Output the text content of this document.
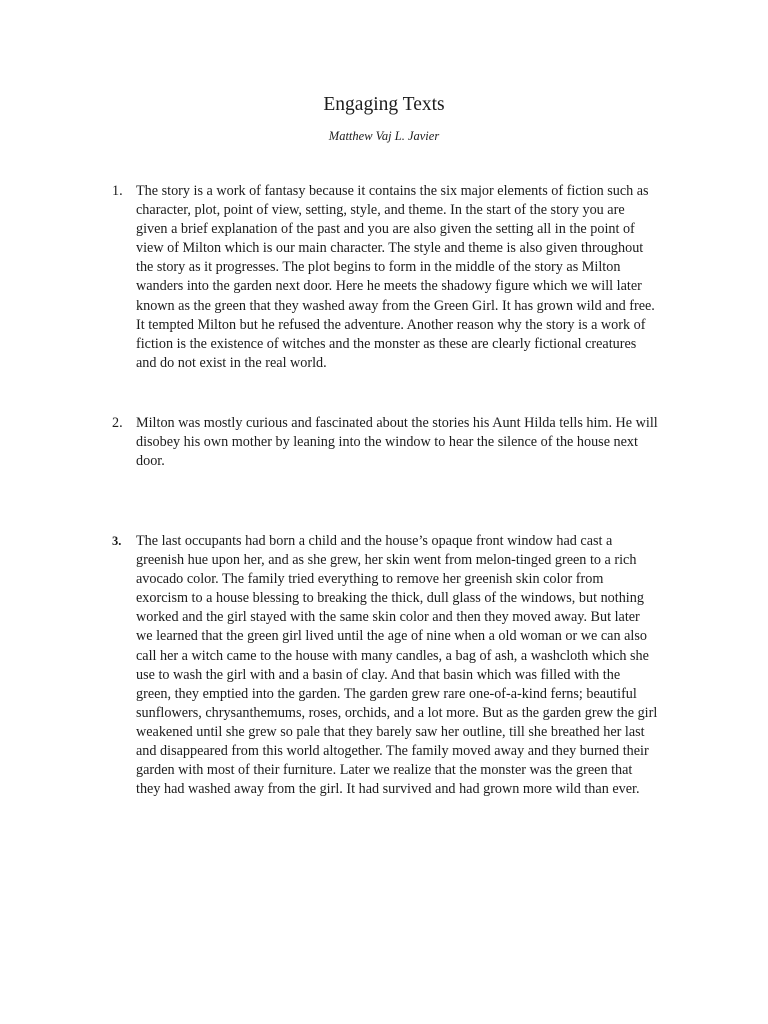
Engaging Texts
Matthew Vaj L. Javier
1. The story is a work of fantasy because it contains the six major elements of fiction such as character, plot, point of view, setting, style, and theme. In the start of the story you are given a brief explanation of the past and you are also given the setting all in the point of view of Milton which is our main character. The style and theme is also given throughout the story as it progresses. The plot begins to form in the middle of the story as Milton wanders into the garden next door. Here he meets the shadowy figure which we will later known as the green that they washed away from the Green Girl. It has grown wild and free. It tempted Milton but he refused the adventure. Another reason why the story is a work of fiction is the existence of witches and the monster as these are clearly fictional creatures and do not exist in the real world.
2. Milton was mostly curious and fascinated about the stories his Aunt Hilda tells him. He will disobey his own mother by leaning into the window to hear the silence of the house next door.
3.	The last occupants had born a child and the house’s opaque front window had cast a greenish hue upon her, and as she grew, her skin went from melon-tinged green to a rich avocado color. The family tried everything to remove her greenish skin color from exorcism to a house blessing to breaking the thick, dull glass of the windows, but nothing worked and the girl stayed with the same skin color and then they moved away. But later we learned that the green girl lived until the age of nine when a old woman or we can also call her a witch came to the house with many candles, a bag of ash, a washcloth which she use to wash the girl with and a basin of clay. And that basin which was filled with the green, they emptied into the garden. The garden grew rare one-of-a-kind ferns; beautiful sunflowers, chrysanthemums, roses, orchids, and a lot more. But as the garden grew the girl weakened until she grew so pale that they barely saw her outline, till she breathed her last and disappeared from this world altogether. The family moved away and they burned their garden with most of their furniture. Later we realize that the monster was the green that they had washed away from the girl. It had survived and had grown more wild than ever.
